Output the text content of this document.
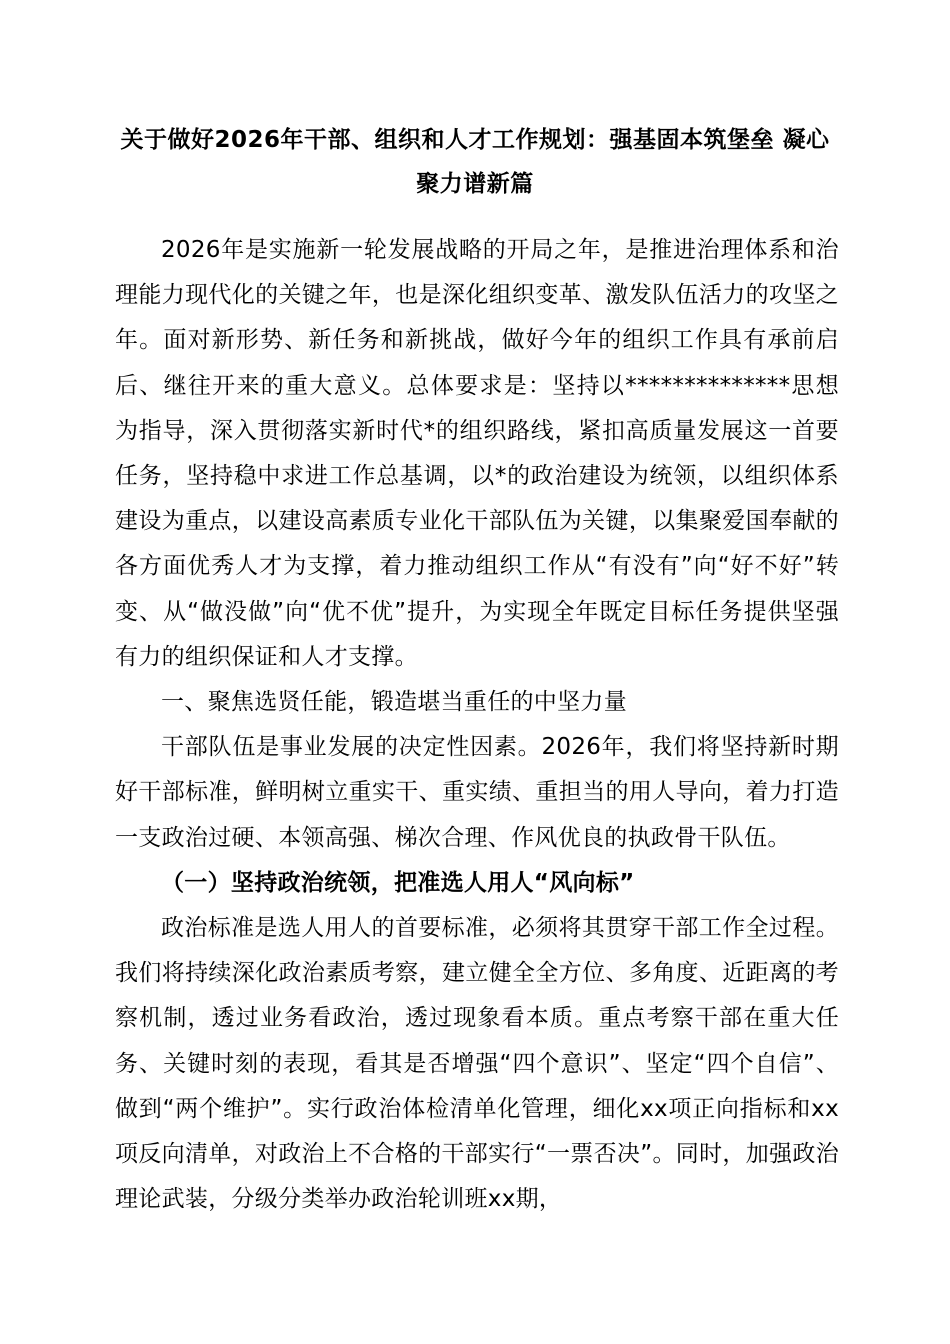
关于做好2026年干部、组织和人才工作规划：强基固本筑堡垒 凝心聚力谱新篇

2026年是实施新一轮发展战略的开局之年，是推进治理体系和治理能力现代化的关键之年，也是深化组织变革、激发队伍活力的攻坚之年。面对新形势、新任务和新挑战，做好今年的组织工作具有承前启后、继往开来的重大意义。总体要求是：坚持以**************思想为指导，深入贯彻落实新时代*的组织路线，紧扣高质量发展这一首要任务，坚持稳中求进工作总基调，以*的政治建设为统领，以组织体系建设为重点，以建设高素质专业化干部队伍为关键，以集聚爱国奉献的各方面优秀人才为支撑，着力推动组织工作从“有没有”向“好不好”转变、从“做没做”向“优不优”提升，为实现全年既定目标任务提供坚强有力的组织保证和人才支撑。

一、聚焦选贤任能，锻造堪当重任的中坚力量

干部队伍是事业发展的决定性因素。2026年，我们将坚持新时期好干部标准，鲜明树立重实干、重实绩、重担当的用人导向，着力打造一支政治过硬、本领高强、梯次合理、作风优良的执政骨干队伍。

（一）坚持政治统领，把准选人用人“风向标”

政治标准是选人用人的首要标准，必须将其贯穿干部工作全过程。我们将持续深化政治素质考察，建立健全全方位、多角度、近距离的考察机制，透过业务看政治，透过现象看本质。重点考察干部在重大任务、关键时刻的表现，看其是否增强“四个意识”、坚定“四个自信”、做到“两个维护”。实行政治体检清单化管理，细化xx项正向指标和xx项反向清单，对政治上不合格的干部实行“一票否决”。同时，加强政治理论武装，分级分类举办政治轮训班xx期，
